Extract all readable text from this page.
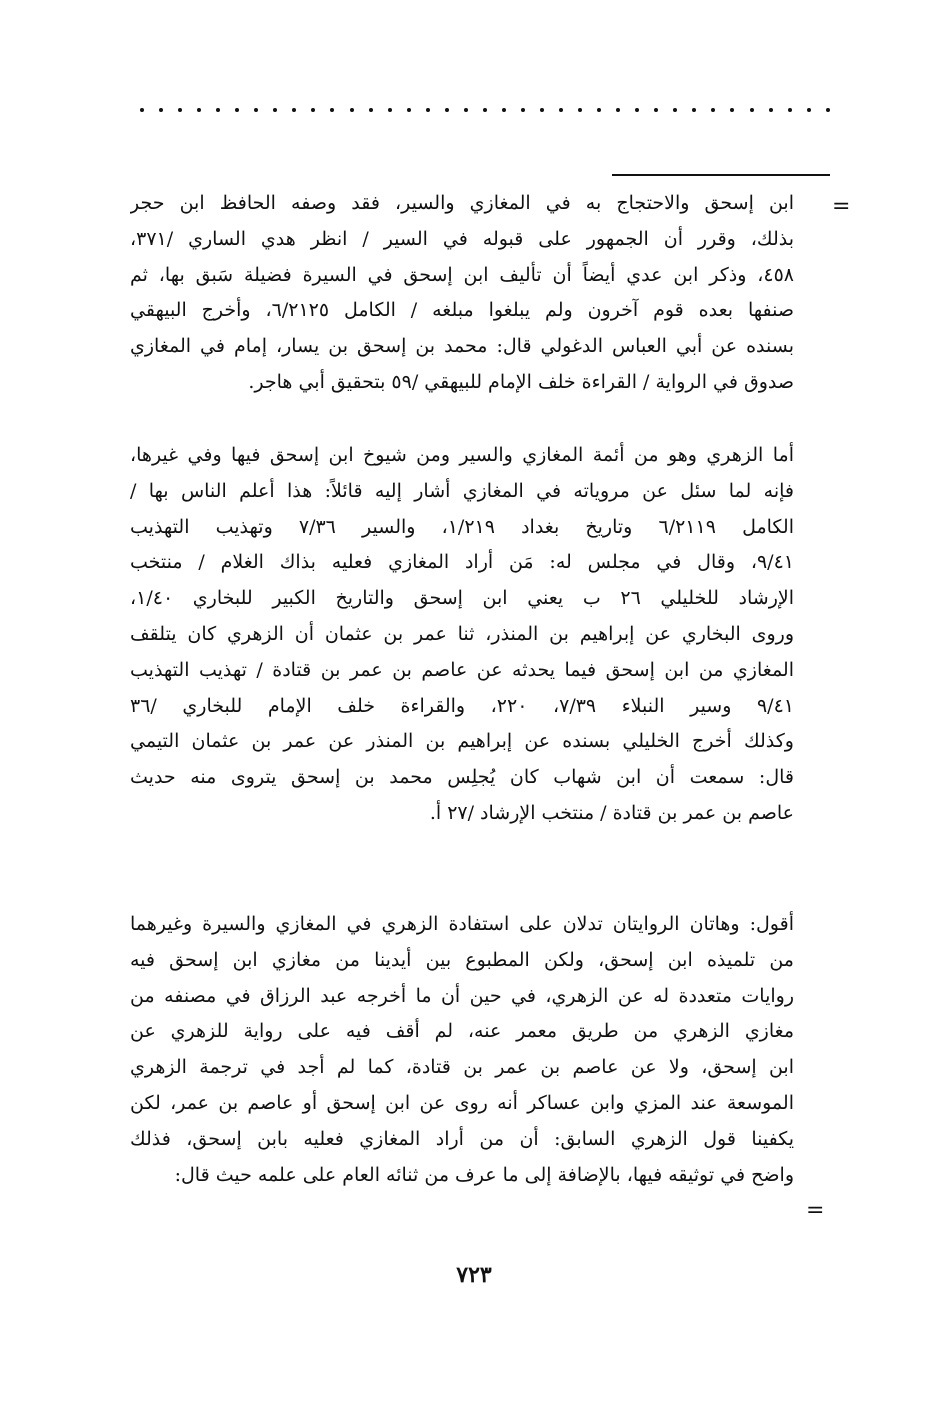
=
ابن إسحق والاحتجاج به في المغازي والسير، فقد وصفه الحافظ ابن حجر
بذلك، وقرر أن الجمهور على قبوله في السير / انظر هدي الساري /٣٧١،
٤٥٨، وذكر ابن عدي أيضاً أن تأليف ابن إسحق في السيرة فضيلة سَبق بها، ثم
صنفها بعده قوم آخرون ولم يبلغوا مبلغه / الكامل ٦/٢١٢٥، وأخرج البيهقي
بسنده عن أبي العباس الدغولي قال: محمد بن إسحق بن يسار، إمام في المغازي
صدوق في الرواية / القراءة خلف الإمام للبيهقي /٥٩ بتحقيق أبي هاجر.
أما الزهري وهو من أئمة المغازي والسير ومن شيوخ ابن إسحق فيها وفي غيرها،
فإنه لما سئل عن مروياته في المغازي أشار إليه قائلاً: هذا أعلم الناس بها /
الكامل ٦/٢١١٩ وتاريخ بغداد ١/٢١٩، والسير ٧/٣٦ وتهذيب التهذيب
٩/٤١، وقال في مجلس له: مَن أراد المغازي فعليه بذاك الغلام / منتخب
الإرشاد للخليلي ٢٦ ب يعني ابن إسحق والتاريخ الكبير للبخاري ١/٤٠،
وروى البخاري عن إبراهيم بن المنذر، ثنا عمر بن عثمان أن الزهري كان يتلقف
المغازي من ابن إسحق فيما يحدثه عن عاصم بن عمر بن قتادة / تهذيب التهذيب
٩/٤١ وسير النبلاء ٧/٣٩، ٢٢٠، والقراءة خلف الإمام للبخاري /٣٦
وكذلك أخرج الخليلي بسنده عن إبراهيم بن المنذر عن عمر بن عثمان التيمي
قال: سمعت أن ابن شهاب كان يُجلِس محمد بن إسحق يتروى منه حديث
عاصم بن عمر بن قتادة / منتخب الإرشاد /٢٧ أ.
أقول: وهاتان الروايتان تدلان على استفادة الزهري في المغازي والسيرة وغيرهما
من تلميذه ابن إسحق، ولكن المطبوع بين أيدينا من مغازي ابن إسحق فيه
روايات متعددة له عن الزهري، في حين أن ما أخرجه عبد الرزاق في مصنفه من
مغازي الزهري من طريق معمر عنه، لم أقف فيه على رواية للزهري عن
ابن إسحق، ولا عن عاصم بن عمر بن قتادة، كما لم أجد في ترجمة الزهري
الموسعة عند المزي وابن عساكر أنه روى عن ابن إسحق أو عاصم بن عمر، لكن
يكفينا قول الزهري السابق: أن من أراد المغازي فعليه بابن إسحق، فذلك
واضح في توثيقه فيها، بالإضافة إلى ما عرف من ثنائه العام على علمه حيث قال:
=
٧٢٣
